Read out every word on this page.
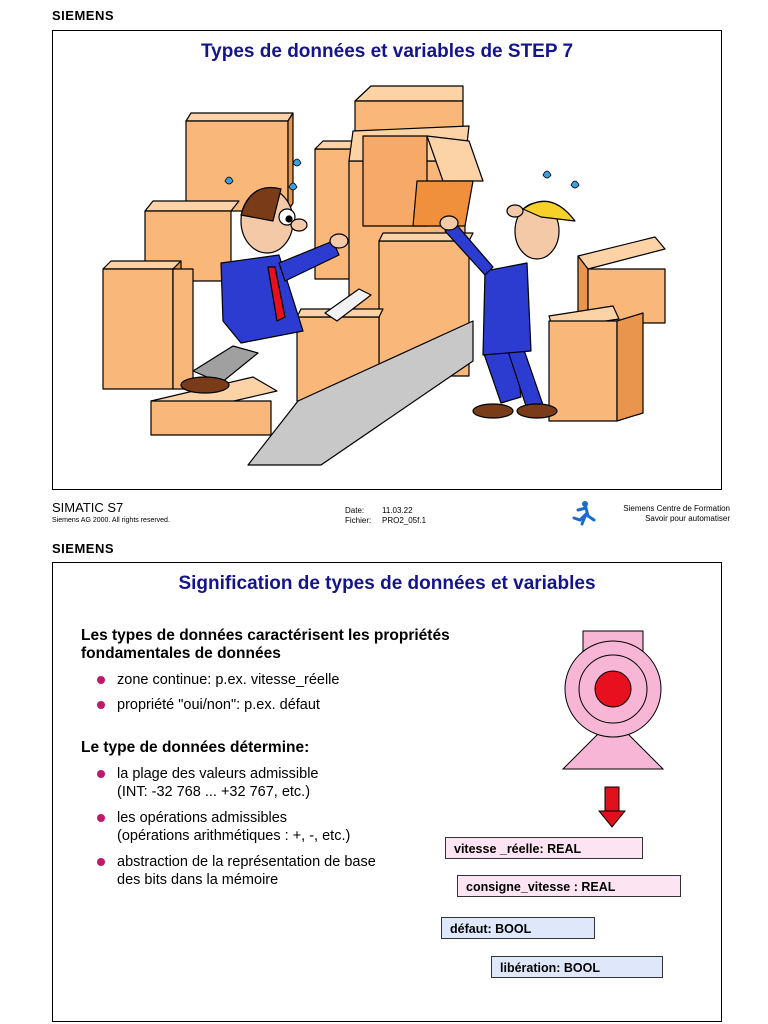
SIEMENS
Types de données et variables de STEP 7
SIMATIC S7
Siemens AG 2000. All rights reserved.
Date: 11.03.22
Fichier: PRO2_05f.1
Siemens Centre de Formation
Savoir pour automatiser
SIEMENS
Signification de types de données et variables
Les types de données caractérisent les propriétés
fondamentales de données
zone continue: p.ex. vitesse_réelle
propriété "oui/non": p.ex. défaut
Le type de données détermine:
la plage des valeurs admissible
(INT: -32 768 ... +32 767, etc.)
les opérations admissibles
(opérations arithmétiques : +, -, etc.)
abstraction de la représentation de base
des bits dans la mémoire
vitesse _réelle: REAL
consigne_vitesse : REAL
défaut: BOOL
libération: BOOL
